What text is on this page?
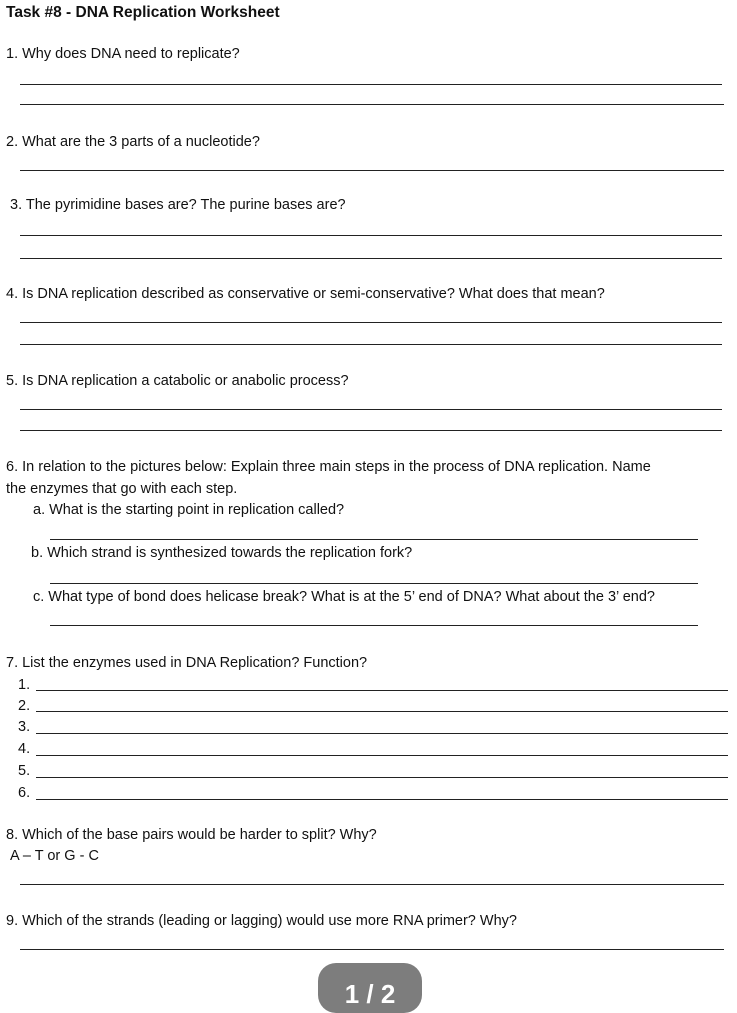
Task #8 - DNA Replication Worksheet
1. Why does DNA need to replicate?
2. What are the 3 parts of a nucleotide?
3. The pyrimidine bases are? The purine bases are?
4. Is DNA replication described as conservative or semi-conservative? What does that mean?
5. Is DNA replication a catabolic or anabolic process?
6. In relation to the pictures below: Explain three main steps in the process of DNA replication. Name
the enzymes that go with each step.
a. What is the starting point in replication called?
b. Which strand is synthesized towards the replication fork?
c. What type of bond does helicase break? What is at the 5’ end of DNA? What about the 3’ end?
7. List the enzymes used in DNA Replication? Function?
1.
2.
3.
4.
5.
6.
8. Which of the base pairs would be harder to split? Why?
A – T or G - C
9. Which of the strands (leading or lagging) would use more RNA primer? Why?
1 / 2
